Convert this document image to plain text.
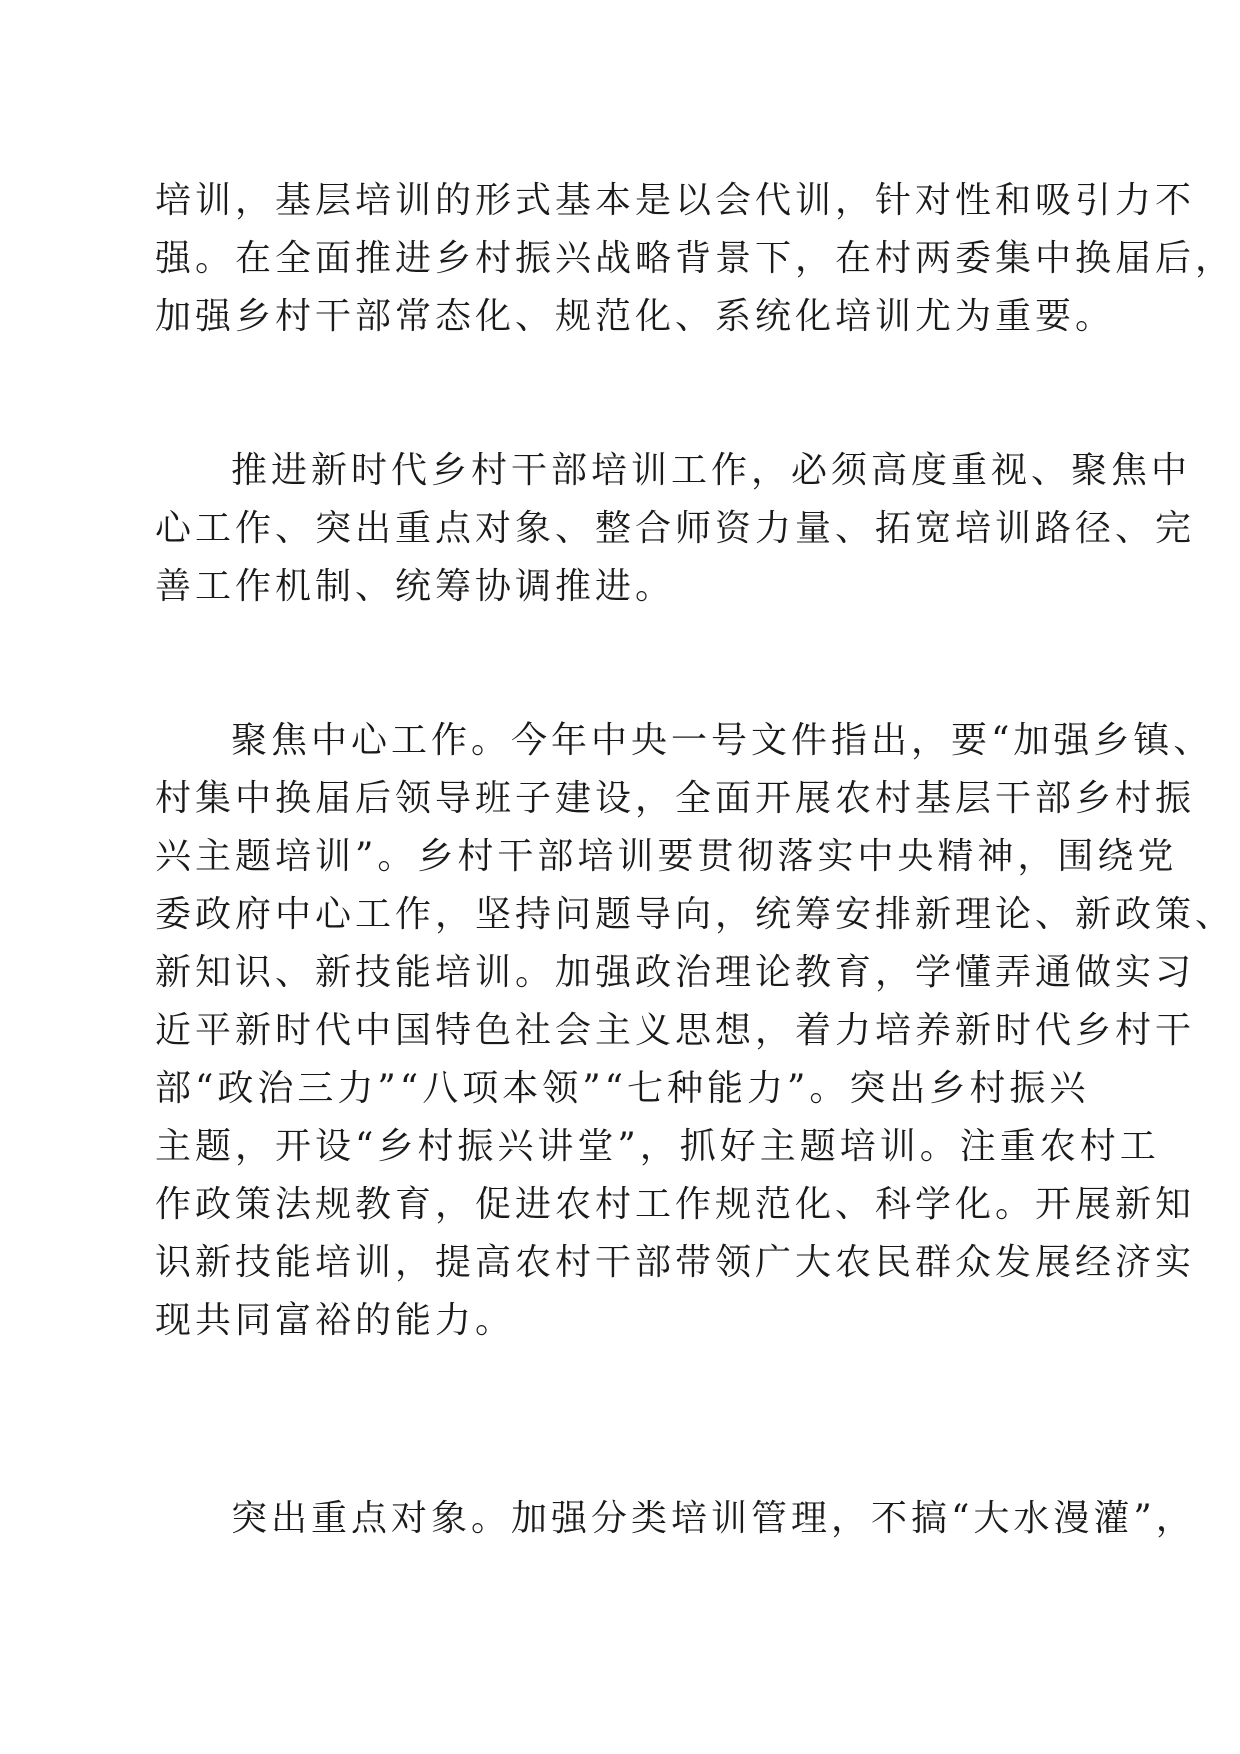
培训，基层培训的形式基本是以会代训，针对性和吸引力不
强。在全面推进乡村振兴战略背景下，在村两委集中换届后，
加强乡村干部常态化、规范化、系统化培训尤为重要。
推进新时代乡村干部培训工作，必须高度重视、聚焦中
心工作、突出重点对象、整合师资力量、拓宽培训路径、完
善工作机制、统筹协调推进。
聚焦中心工作。今年中央一号文件指出，要“加强乡镇、
村集中换届后领导班子建设，全面开展农村基层干部乡村振
兴主题培训”。乡村干部培训要贯彻落实中央精神，围绕党
委政府中心工作，坚持问题导向，统筹安排新理论、新政策、
新知识、新技能培训。加强政治理论教育，学懂弄通做实习
近平新时代中国特色社会主义思想，着力培养新时代乡村干
部“政治三力”“八项本领”“七种能力”。突出乡村振兴
主题，开设“乡村振兴讲堂”，抓好主题培训。注重农村工
作政策法规教育，促进农村工作规范化、科学化。开展新知
识新技能培训，提高农村干部带领广大农民群众发展经济实
现共同富裕的能力。
突出重点对象。加强分类培训管理，不搞“大水漫灌”，
